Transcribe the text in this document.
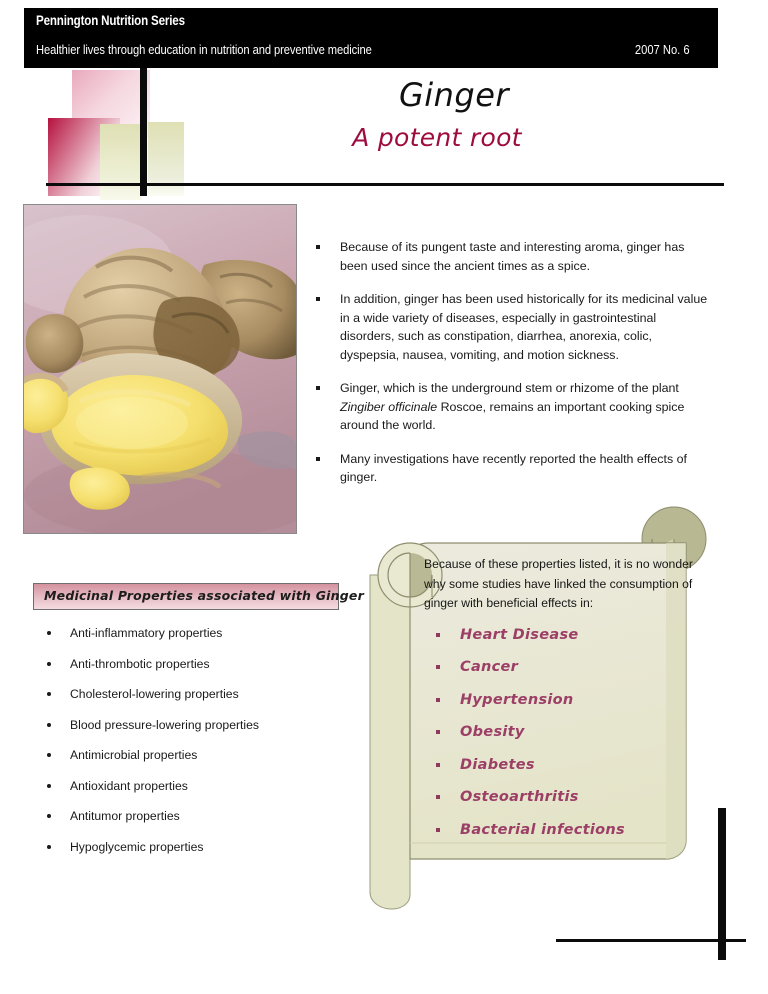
Pennington Nutrition Series
Healthier lives through education in nutrition and preventive medicine	2007 No. 6
Ginger
A potent root
Because of its pungent taste and interesting aroma, ginger has been used since the ancient times as a spice.
In addition, ginger has been used historically for its medicinal value in a wide variety of diseases, especially in gastrointestinal disorders, such as constipation, diarrhea, anorexia, colic, dyspepsia, nausea, vomiting, and motion sickness.
Ginger, which is the underground stem or rhizome of the plant Zingiber officinale Roscoe, remains an important cooking spice around the world.
Many investigations have recently reported the health effects of ginger.
Medicinal Properties associated with Ginger
Anti-inflammatory properties
Anti-thrombotic properties
Cholesterol-lowering properties
Blood pressure-lowering properties
Antimicrobial properties
Antioxidant properties
Antitumor properties
Hypoglycemic properties
Because of these properties listed, it is no wonder why some studies have linked the consumption of ginger with beneficial effects in:
Heart Disease
Cancer
Hypertension
Obesity
Diabetes
Osteoarthritis
Bacterial infections
